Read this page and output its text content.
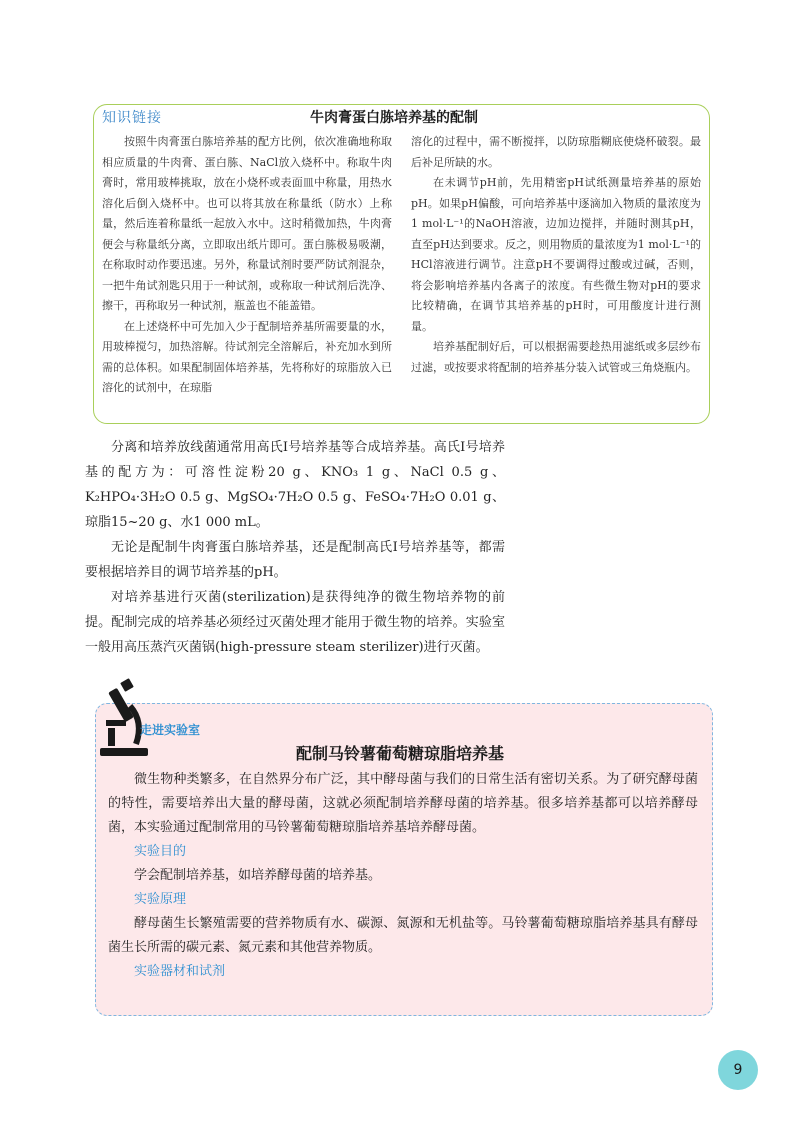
知识链接	牛肉膏蛋白胨培养基的配制

按照牛肉膏蛋白胨培养基的配方比例，依次准确地称取相应质量的牛肉膏、蛋白胨、NaCl放入烧杯中。称取牛肉膏时，常用玻棒挑取，放在小烧杯或表面皿中称量，用热水溶化后倒入烧杯中。也可以将其放在称量纸（防水）上称量，然后连着称量纸一起放入水中。这时稍微加热，牛肉膏便会与称量纸分离，立即取出纸片即可。蛋白胨极易吸潮，在称取时动作要迅速。另外，称量试剂时要严防试剂混杂，一把牛角试剂匙只用于一种试剂，或称取一种试剂后洗净、擦干，再称取另一种试剂，瓶盖也不能盖错。

在上述烧杯中可先加入少于配制培养基所需要量的水，用玻棒搅匀，加热溶解。待试剂完全溶解后，补充加水到所需的总体积。如果配制固体培养基，先将称好的琼脂放入已溶化的试剂中，在琼脂

溶化的过程中，需不断搅拌，以防琼脂糊底使烧杯破裂。最后补足所缺的水。

在未调节pH前，先用精密pH试纸测量培养基的原始pH。如果pH偏酸，可向培养基中逐滴加入物质的量浓度为1 mol·L⁻¹的NaOH溶液，边加边搅拌，并随时测其pH，直至pH达到要求。反之，则用物质的量浓度为1 mol·L⁻¹的HCl溶液进行调节。注意pH不要调得过酸或过碱，否则，将会影响培养基内各离子的浓度。有些微生物对pH的要求比较精确，在调节其培养基的pH时，可用酸度计进行测量。

培养基配制好后，可以根据需要趁热用滤纸或多层纱布过滤，或按要求将配制的培养基分装入试管或三角烧瓶内。

分离和培养放线菌通常用高氏Ⅰ号培养基等合成培养基。高氏Ⅰ号培养基的配方为：可溶性淀粉20 g、KNO₃ 1 g、NaCl 0.5 g、K₂HPO₄·3H₂O 0.5 g、MgSO₄·7H₂O 0.5 g、FeSO₄·7H₂O 0.01 g、琼脂15~20 g、水1 000 mL。

无论是配制牛肉膏蛋白胨培养基，还是配制高氏Ⅰ号培养基等，都需要根据培养目的调节培养基的pH。

对培养基进行灭菌(sterilization)是获得纯净的微生物培养物的前提。配制完成的培养基必须经过灭菌处理才能用于微生物的培养。实验室一般用高压蒸汽灭菌锅(high-pressure steam sterilizer)进行灭菌。

走进实验室
配制马铃薯葡萄糖琼脂培养基

微生物种类繁多，在自然界分布广泛，其中酵母菌与我们的日常生活有密切关系。为了研究酵母菌的特性，需要培养出大量的酵母菌，这就必须配制培养酵母菌的培养基。很多培养基都可以培养酵母菌，本实验通过配制常用的马铃薯葡萄糖琼脂培养基培养酵母菌。

实验目的

学会配制培养基，如培养酵母菌的培养基。

实验原理

酵母菌生长繁殖需要的营养物质有水、碳源、氮源和无机盐等。马铃薯葡萄糖琼脂培养基具有酵母菌生长所需的碳元素、氮元素和其他营养物质。

实验器材和试剂
9
